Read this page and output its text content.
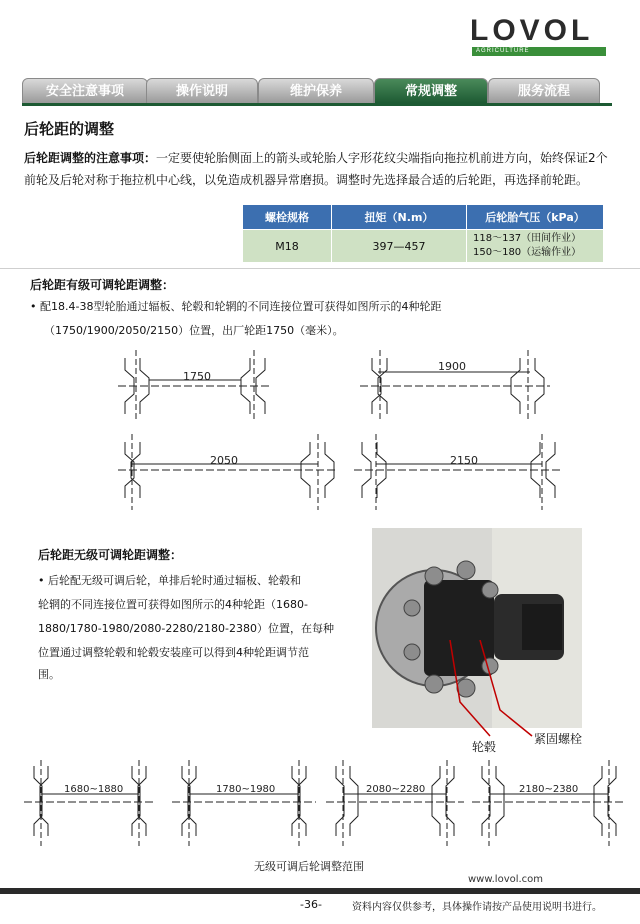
LOVOL
AGRICULTURE
安全注意事项	操作说明	维护保养	常规调整	服务流程
后轮距的调整
后轮距调整的注意事项：一定要使轮胎侧面上的箭头或轮胎人字形花纹尖端指向拖拉机前进方向，始终保证2个前轮及后轮对称于拖拉机中心线，以免造成机器异常磨损。调整时先选择最合适的后轮距，再选择前轮距。
螺栓规格	扭矩（N.m）	后轮胎气压（kPa）
M18	397—457	118～137（田间作业）
150～180（运输作业）
后轮距有级可调轮距调整：
• 配18.4-38型轮胎通过辐板、轮毂和轮辋的不同连接位置可获得如图所示的4种轮距
（1750/1900/2050/2150）位置，出厂轮距1750（毫米）。
1750
1900
2050	2150
后轮距无级可调轮距调整：
• 后轮配无级可调后轮，单排后轮时通过辐板、轮毂和
轮辋的不同连接位置可获得如图所示的4种轮距（1680-
1880/1780-1980/2080-2280/2180-2380）位置，在每种
位置通过调整轮毂和轮毂安装座可以得到4种轮距调节范
围。
轮毂
紧固螺栓
1680~1880	1780~1980	2080~2280	2180~2380
无级可调后轮调整范围
www.lovol.com
-36-	资料内容仅供参考，具体操作请按产品使用说明书进行。
